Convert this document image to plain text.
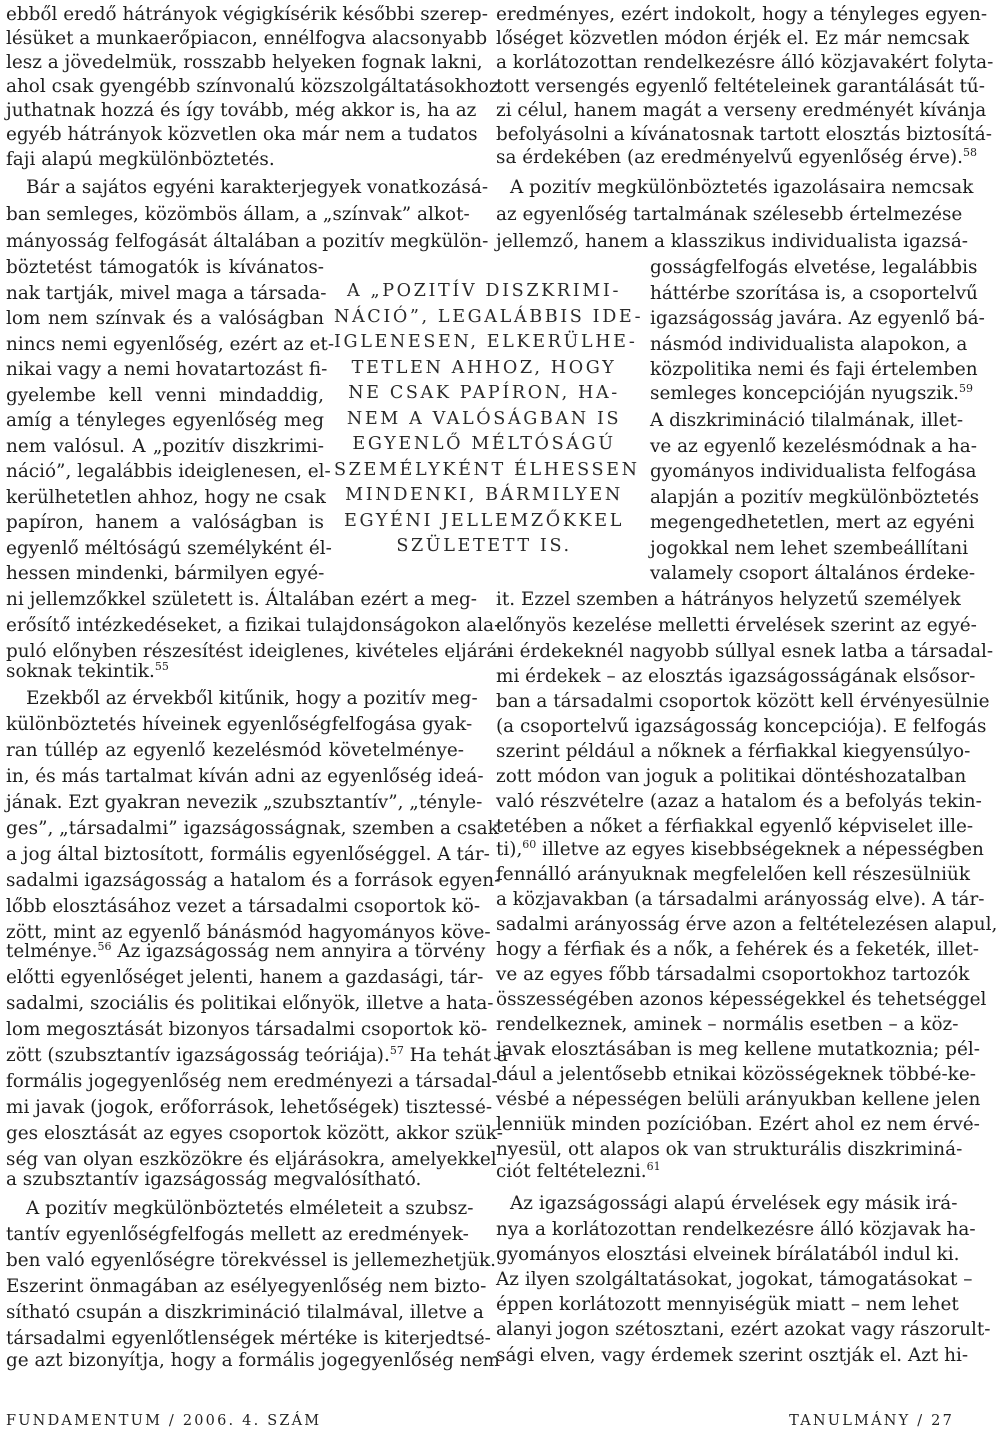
ebből eredő hátrányok végigkísérik későbbi szerep-
lésüket a munkaerőpiacon, ennélfogva alacsonyabb
lesz a jövedelmük, rosszabb helyeken fognak lakni,
ahol csak gyengébb színvonalú közszolgáltatásokhoz
juthatnak hozzá és így tovább, még akkor is, ha az
egyéb hátrányok közvetlen oka már nem a tudatos
faji alapú megkülönböztetés.
Bár a sajátos egyéni karakterjegyek vonatkozásá-
ban semleges, közömbös állam, a „színvak” alkot-
mányosság felfogását általában a pozitív megkülön-
böztetést támogatók is kívánatos-
nak tartják, mivel maga a társada-
lom nem színvak és a valóságban
nincs nemi egyenlőség, ezért az et-
nikai vagy a nemi hovatartozást fi-
gyelembe kell venni mindaddig,
amíg a tényleges egyenlőség meg
nem valósul. A „pozitív diszkrimi-
náció”, legalábbis ideiglenesen, el-
kerülhetetlen ahhoz, hogy ne csak
papíron, hanem a valóságban is
egyenlő méltóságú személyként él-
hessen mindenki, bármilyen egyé-
ni jellemzőkkel született is. Általában ezért a meg-
erősítő intézkedéseket, a fizikai tulajdonságokon ala-
puló előnyben részesítést ideiglenes, kivételes eljárá-
soknak tekintik.$^{55}$
Ezekből az érvekből kitűnik, hogy a pozitív meg-
különböztetés híveinek egyenlőségfelfogása gyak-
ran túllép az egyenlő kezelésmód követelménye-
in, és más tartalmat kíván adni az egyenlőség ideá-
jának. Ezt gyakran nevezik „szubsztantív”, „tényle-
ges”, „társadalmi” igazságosságnak, szemben a csak
a jog által biztosított, formális egyenlőséggel. A tár-
sadalmi igazságosság a hatalom és a források egyen-
lőbb elosztásához vezet a társadalmi csoportok kö-
zött, mint az egyenlő bánásmód hagyományos köve-
telménye.$^{56}$ Az igazságosság nem annyira a törvény
előtti egyenlőséget jelenti, hanem a gazdasági, tár-
sadalmi, szociális és politikai előnyök, illetve a hata-
lom megosztását bizonyos társadalmi csoportok kö-
zött (szubsztantív igazságosság teóriája).$^{57}$ Ha tehát a
formális jogegyenlőség nem eredményezi a társadal-
mi javak (jogok, erőforrások, lehetőségek) tisztessé-
ges elosztását az egyes csoportok között, akkor szük-
ség van olyan eszközökre és eljárásokra, amelyekkel
a szubsztantív igazságosság megvalósítható.
A pozitív megkülönböztetés elméleteit a szubsz-
tantív egyenlőségfelfogás mellett az eredmények-
ben való egyenlőségre törekvéssel is jellemezhetjük.
Eszerint önmagában az esélyegyenlőség nem bizto-
sítható csupán a diszkrimináció tilalmával, illetve a
társadalmi egyenlőtlenségek mértéke is kiterjedtsé-
ge azt bizonyítja, hogy a formális jogegyenlőség nem
A „POZITÍV DISZKRIMI-
NÁCIÓ”, LEGALÁBBIS IDE-
IGLENESEN, ELKERÜLHE-
TETLEN AHHOZ, HOGY
NE CSAK PAPÍRON, HA-
NEM A VALÓSÁGBAN IS
EGYENLŐ MÉLTÓSÁGÚ
SZEMÉLYKÉNT ÉLHESSEN
MINDENKI, BÁRMILYEN
EGYÉNI JELLEMZŐKKEL
SZÜLETETT IS.
eredményes, ezért indokolt, hogy a tényleges egyen-
lőséget közvetlen módon érjék el. Ez már nemcsak
a korlátozottan rendelkezésre álló közjavakért folyta-
tott versengés egyenlő feltételeinek garantálását tű-
zi célul, hanem magát a verseny eredményét kívánja
befolyásolni a kívánatosnak tartott elosztás biztosítá-
sa érdekében (az eredményelvű egyenlőség érve).$^{58}$
A pozitív megkülönböztetés igazolásaira nemcsak
az egyenlőség tartalmának szélesebb értelmezése
jellemző, hanem a klasszikus individualista igazsá-
gosságfelfogás elvetése, legalábbis
háttérbe szorítása is, a csoportelvű
igazságosság javára. Az egyenlő bá-
násmód individualista alapokon, a
közpolitika nemi és faji értelemben
semleges koncepcióján nyugszik.$^{59}$
A diszkrimináció tilalmának, illet-
ve az egyenlő kezelésmódnak a ha-
gyományos individualista felfogása
alapján a pozitív megkülönböztetés
megengedhetetlen, mert az egyéni
jogokkal nem lehet szembeállítani
valamely csoport általános érdeke-
it. Ezzel szemben a hátrányos helyzetű személyek
előnyös kezelése melletti érvelések szerint az egyé-
ni érdekeknél nagyobb súllyal esnek latba a társadal-
mi érdekek – az elosztás igazságosságának elsősor-
ban a társadalmi csoportok között kell érvényesülnie
(a csoportelvű igazságosság koncepciója). E felfogás
szerint például a nőknek a férfiakkal kiegyensúlyo-
zott módon van joguk a politikai döntéshozatalban
való részvételre (azaz a hatalom és a befolyás tekin-
tetében a nőket a férfiakkal egyenlő képviselet ille-
ti),$^{60}$ illetve az egyes kisebbségeknek a népességben
fennálló arányuknak megfelelően kell részesülniük
a közjavakban (a társadalmi arányosság elve). A tár-
sadalmi arányosság érve azon a feltételezésen alapul,
hogy a férfiak és a nők, a fehérek és a feketék, illet-
ve az egyes főbb társadalmi csoportokhoz tartozók
összességében azonos képességekkel és tehetséggel
rendelkeznek, aminek – normális esetben – a köz-
javak elosztásában is meg kellene mutatkoznia; pél-
dául a jelentősebb etnikai közösségeknek többé-ke-
vésbé a népességen belüli arányukban kellene jelen
lenniük minden pozícióban. Ezért ahol ez nem érvé-
nyesül, ott alapos ok van strukturális diszkriminá-
ciót feltételezni.$^{61}$
Az igazságossági alapú érvelések egy másik irá-
nya a korlátozottan rendelkezésre álló közjavak ha-
gyományos elosztási elveinek bírálatából indul ki.
Az ilyen szolgáltatásokat, jogokat, támogatásokat –
éppen korlátozott mennyiségük miatt – nem lehet
alanyi jogon szétosztani, ezért azokat vagy rászorult-
sági elven, vagy érdemek szerint osztják el. Azt hi-
FUNDAMENTUM / 2006. 4. SZÁM	TANULMÁNY / 27
